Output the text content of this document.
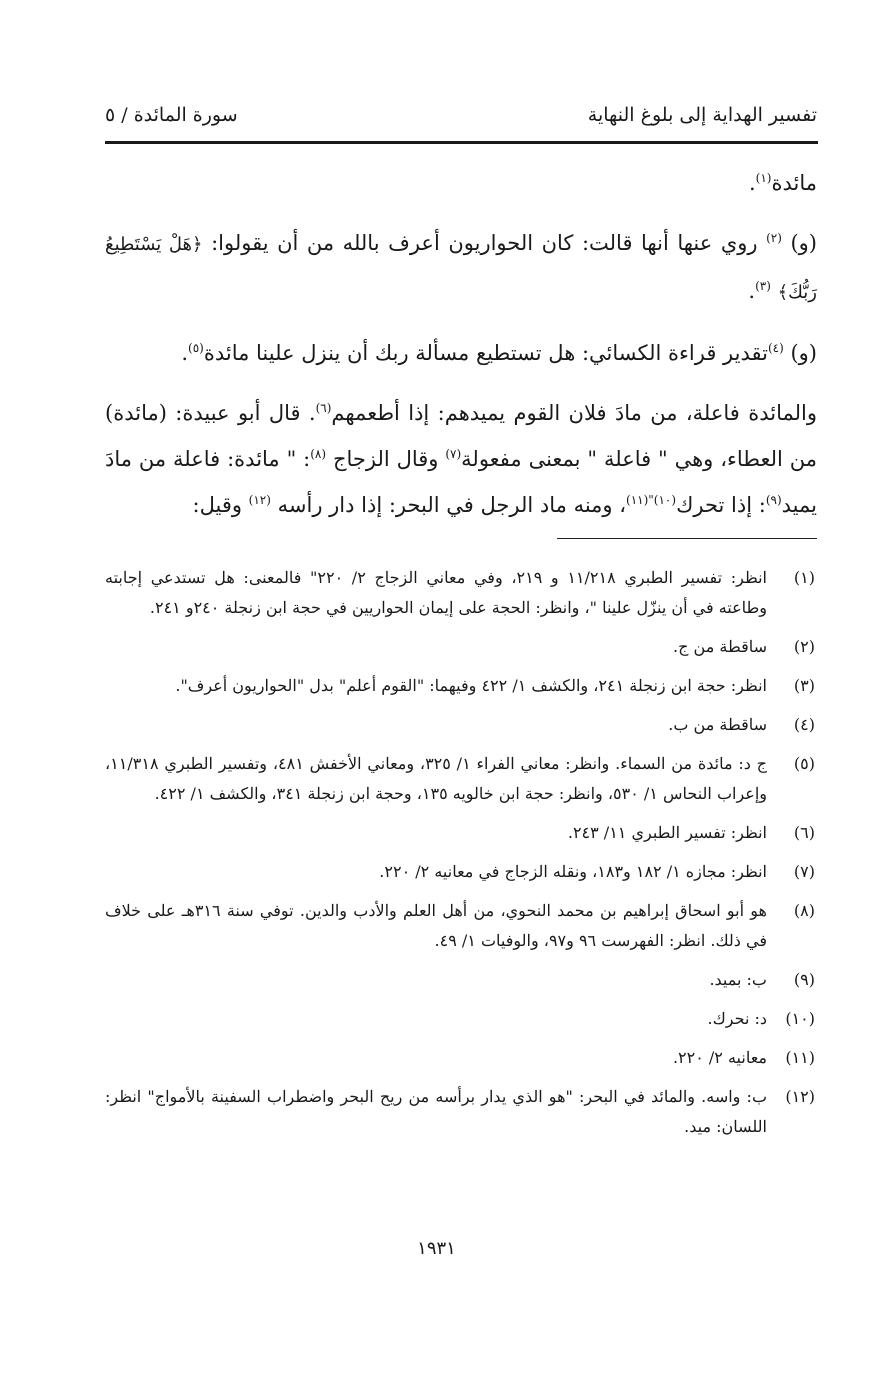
تفسير الهداية إلى بلوغ النهاية
سورة المائدة / ٥

مائدة$^{(١)}$.

(و) $^{(٢)}$ روي عنها أنها قالت: كان الحواريون أعرف بالله من أن يقولوا: ﴿هَلْ يَسْتَطِيعُ رَبُّكَ﴾ $^{(٣)}$.

(و) $^{(٤)}$تقدير قراءة الكسائي: هل تستطيع مسألة ربك أن ينزل علينا مائدة$^{(٥)}$.

والمائدة فاعلة، من مادَ فلان القوم يميدهم: إذا أطعمهم$^{(٦)}$. قال أبو عبيدة: (مائدة) من العطاء، وهي " فاعلة " بمعنى مفعولة$^{(٧)}$ وقال الزجاج $^{(٨)}$: " مائدة: فاعلة من مادَ يميد$^{(٩)}$: إذا تحرك$^{(١٠)"(١١)}$، ومنه ماد الرجل في البحر: إذا دار رأسه $^{(١٢)}$ وقيل:

(١)
انظر: تفسير الطبري ١١/٢١٨ و ٢١٩، وفي معاني الزجاج ٢/ ٢٢٠" فالمعنى: هل تستدعي إجابته وطاعته في أن ينزّل علينا "، وانظر: الحجة على إيمان الحواريين في حجة ابن زنجلة ٢٤٠و ٢٤١.
(٢)
ساقطة من ج.
(٣)
انظر: حجة ابن زنجلة ٢٤١، والكشف ١/ ٤٢٢ وفيهما: "القوم أعلم" بدل "الحواريون أعرف".
(٤)
ساقطة من ب.
(٥)
ج د: مائدة من السماء. وانظر: معاني الفراء ١/ ٣٢٥، ومعاني الأخفش ٤٨١، وتفسير الطبري ١١/٣١٨، وإعراب النحاس ١/ ٥٣٠، وانظر: حجة ابن خالويه ١٣٥، وحجة ابن زنجلة ٣٤١، والكشف ١/ ٤٢٢.
(٦)
انظر: تفسير الطبري ١١/ ٢٤٣.
(٧)
انظر: مجازه ١/ ١٨٢ و١٨٣، ونقله الزجاج في معانيه ٢/ ٢٢٠.
(٨)
هو أبو اسحاق إبراهيم بن محمد النحوي، من أهل العلم والأدب والدين. توفي سنة ٣١٦هـ على خلاف في ذلك. انظر: الفهرست ٩٦ و٩٧، والوفيات ١/ ٤٩.
(٩)
ب: بميد.
(١٠)
د: نحرك.
(١١)
معانيه ٢/ ٢٢٠.
(١٢)
ب: واسه. والمائد في البحر: "هو الذي يدار برأسه من ريح البحر واضطراب السفينة بالأمواج" انظر: اللسان: ميد.
١٩٣١
